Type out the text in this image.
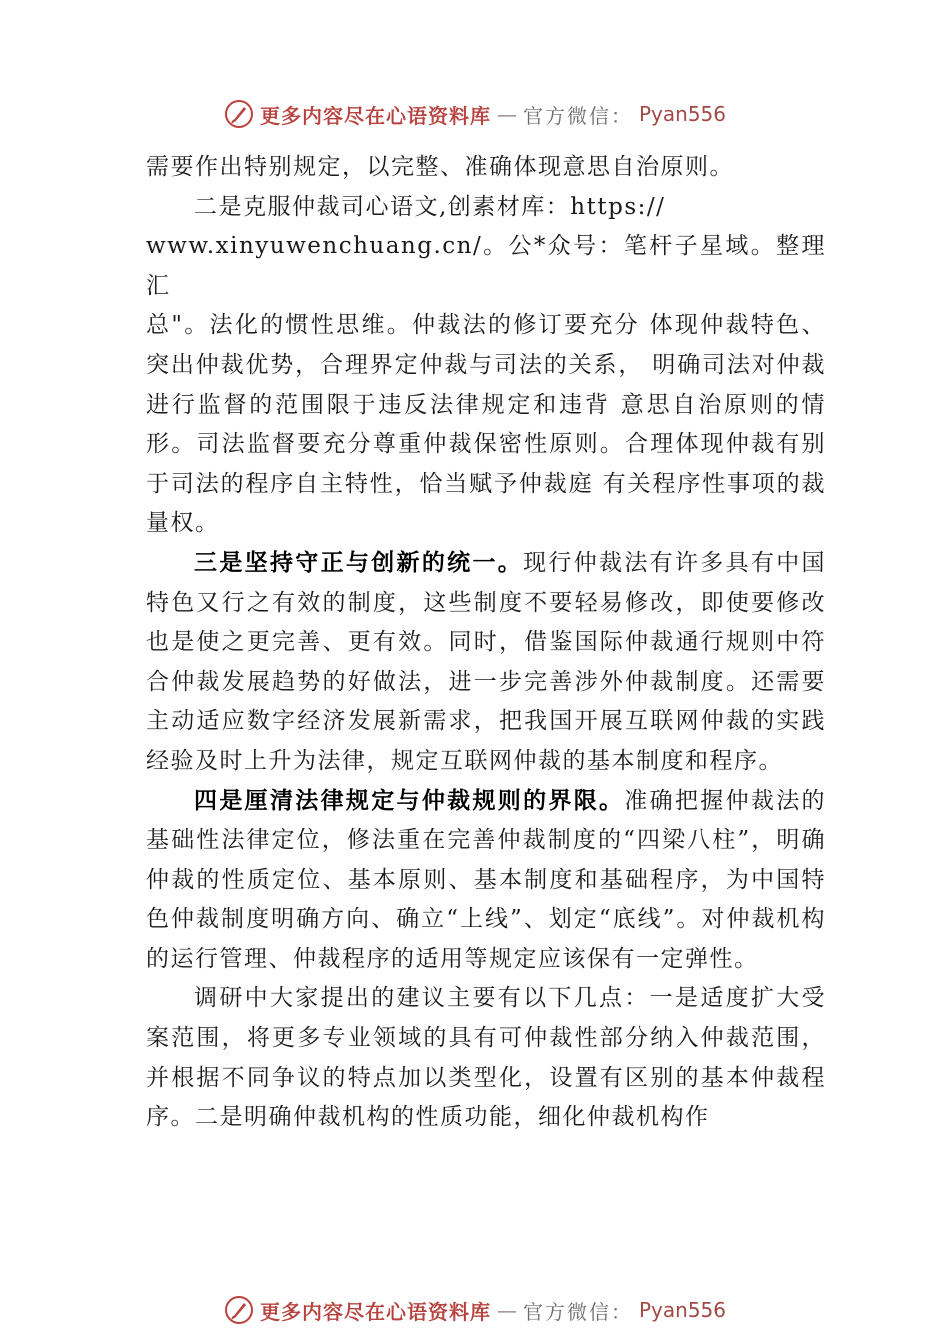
更多内容尽在心语资料库 — 官方微信： Pyan556

需要作出特别规定，以完整、准确体现意思自治原则。

二是克服仲裁司心语文,创素材库：https://

www.xinyuwenchuang.cn/。公*众号：笔杆子星域。整理汇

总"。法化的惯性思维。仲裁法的修订要充分 体现仲裁特色、突出仲裁优势，合理界定仲裁与司法的关系， 明确司法对仲裁进行监督的范围限于违反法律规定和违背 意思自治原则的情形。司法监督要充分尊重仲裁保密性原则。合理体现仲裁有别于司法的程序自主特性，恰当赋予仲裁庭 有关程序性事项的裁量权。

三是坚持守正与创新的统一。现行仲裁法有许多具有中国特色又行之有效的制度，这些制度不要轻易修改，即使要修改也是使之更完善、更有效。同时，借鉴国际仲裁通行规则中符合仲裁发展趋势的好做法，进一步完善涉外仲裁制度。还需要主动适应数字经济发展新需求，把我国开展互联网仲裁的实践经验及时上升为法律，规定互联网仲裁的基本制度和程序。

四是厘清法律规定与仲裁规则的界限。准确把握仲裁法的基础性法律定位，修法重在完善仲裁制度的“四梁八柱”，明确仲裁的性质定位、基本原则、基本制度和基础程序，为中国特色仲裁制度明确方向、确立“上线”、划定“底线”。对仲裁机构的运行管理、仲裁程序的适用等规定应该保有一定弹性。

调研中大家提出的建议主要有以下几点：一是适度扩大受案范围，将更多专业领域的具有可仲裁性部分纳入仲裁范围，并根据不同争议的特点加以类型化，设置有区别的基本仲裁程序。二是明确仲裁机构的性质功能，细化仲裁机构作

更多内容尽在心语资料库 — 官方微信： Pyan556
